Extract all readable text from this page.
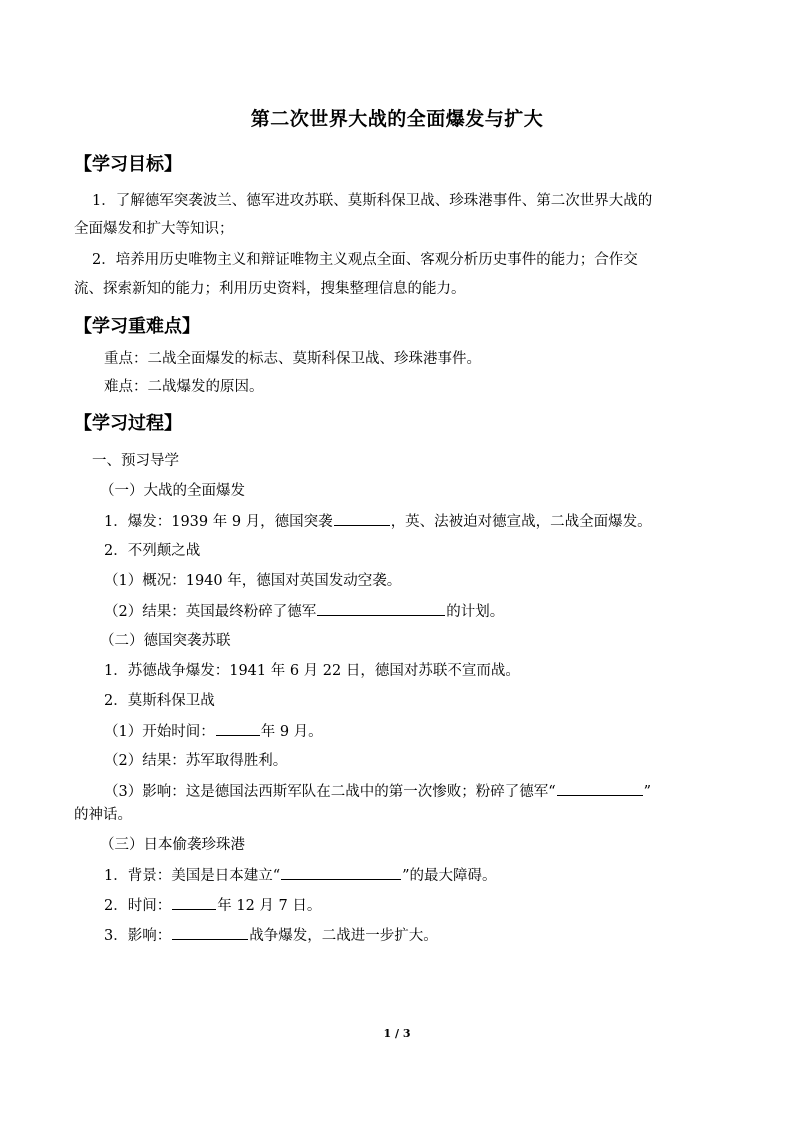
第二次世界大战的全面爆发与扩大
【学习目标】
1．了解德军突袭波兰、德军进攻苏联、莫斯科保卫战、珍珠港事件、第二次世界大战的
全面爆发和扩大等知识；
2．培养用历史唯物主义和辩证唯物主义观点全面、客观分析历史事件的能力；合作交
流、探索新知的能力；利用历史资料，搜集整理信息的能力。
【学习重难点】
重点：二战全面爆发的标志、莫斯科保卫战、珍珠港事件。
难点：二战爆发的原因。
【学习过程】
一、预习导学
（一）大战的全面爆发
1．爆发：1939 年 9 月，德国突袭	，英、法被迫对德宣战，二战全面爆发。
2．不列颠之战
（1）概况：1940 年，德国对英国发动空袭。
（2）结果：英国最终粉碎了德军	的计划。
（二）德国突袭苏联
1．苏德战争爆发：1941 年 6 月 22 日，德国对苏联不宣而战。
2．莫斯科保卫战
（1）开始时间：	年 9 月。
（2）结果：苏军取得胜利。
（3）影响：这是德国法西斯军队在二战中的第一次惨败；粉碎了德军“	”
的神话。
（三）日本偷袭珍珠港
1．背景：美国是日本建立“	”的最大障碍。
2．时间：	年 12 月 7 日。
3．影响：	战争爆发，二战进一步扩大。
1 / 3
